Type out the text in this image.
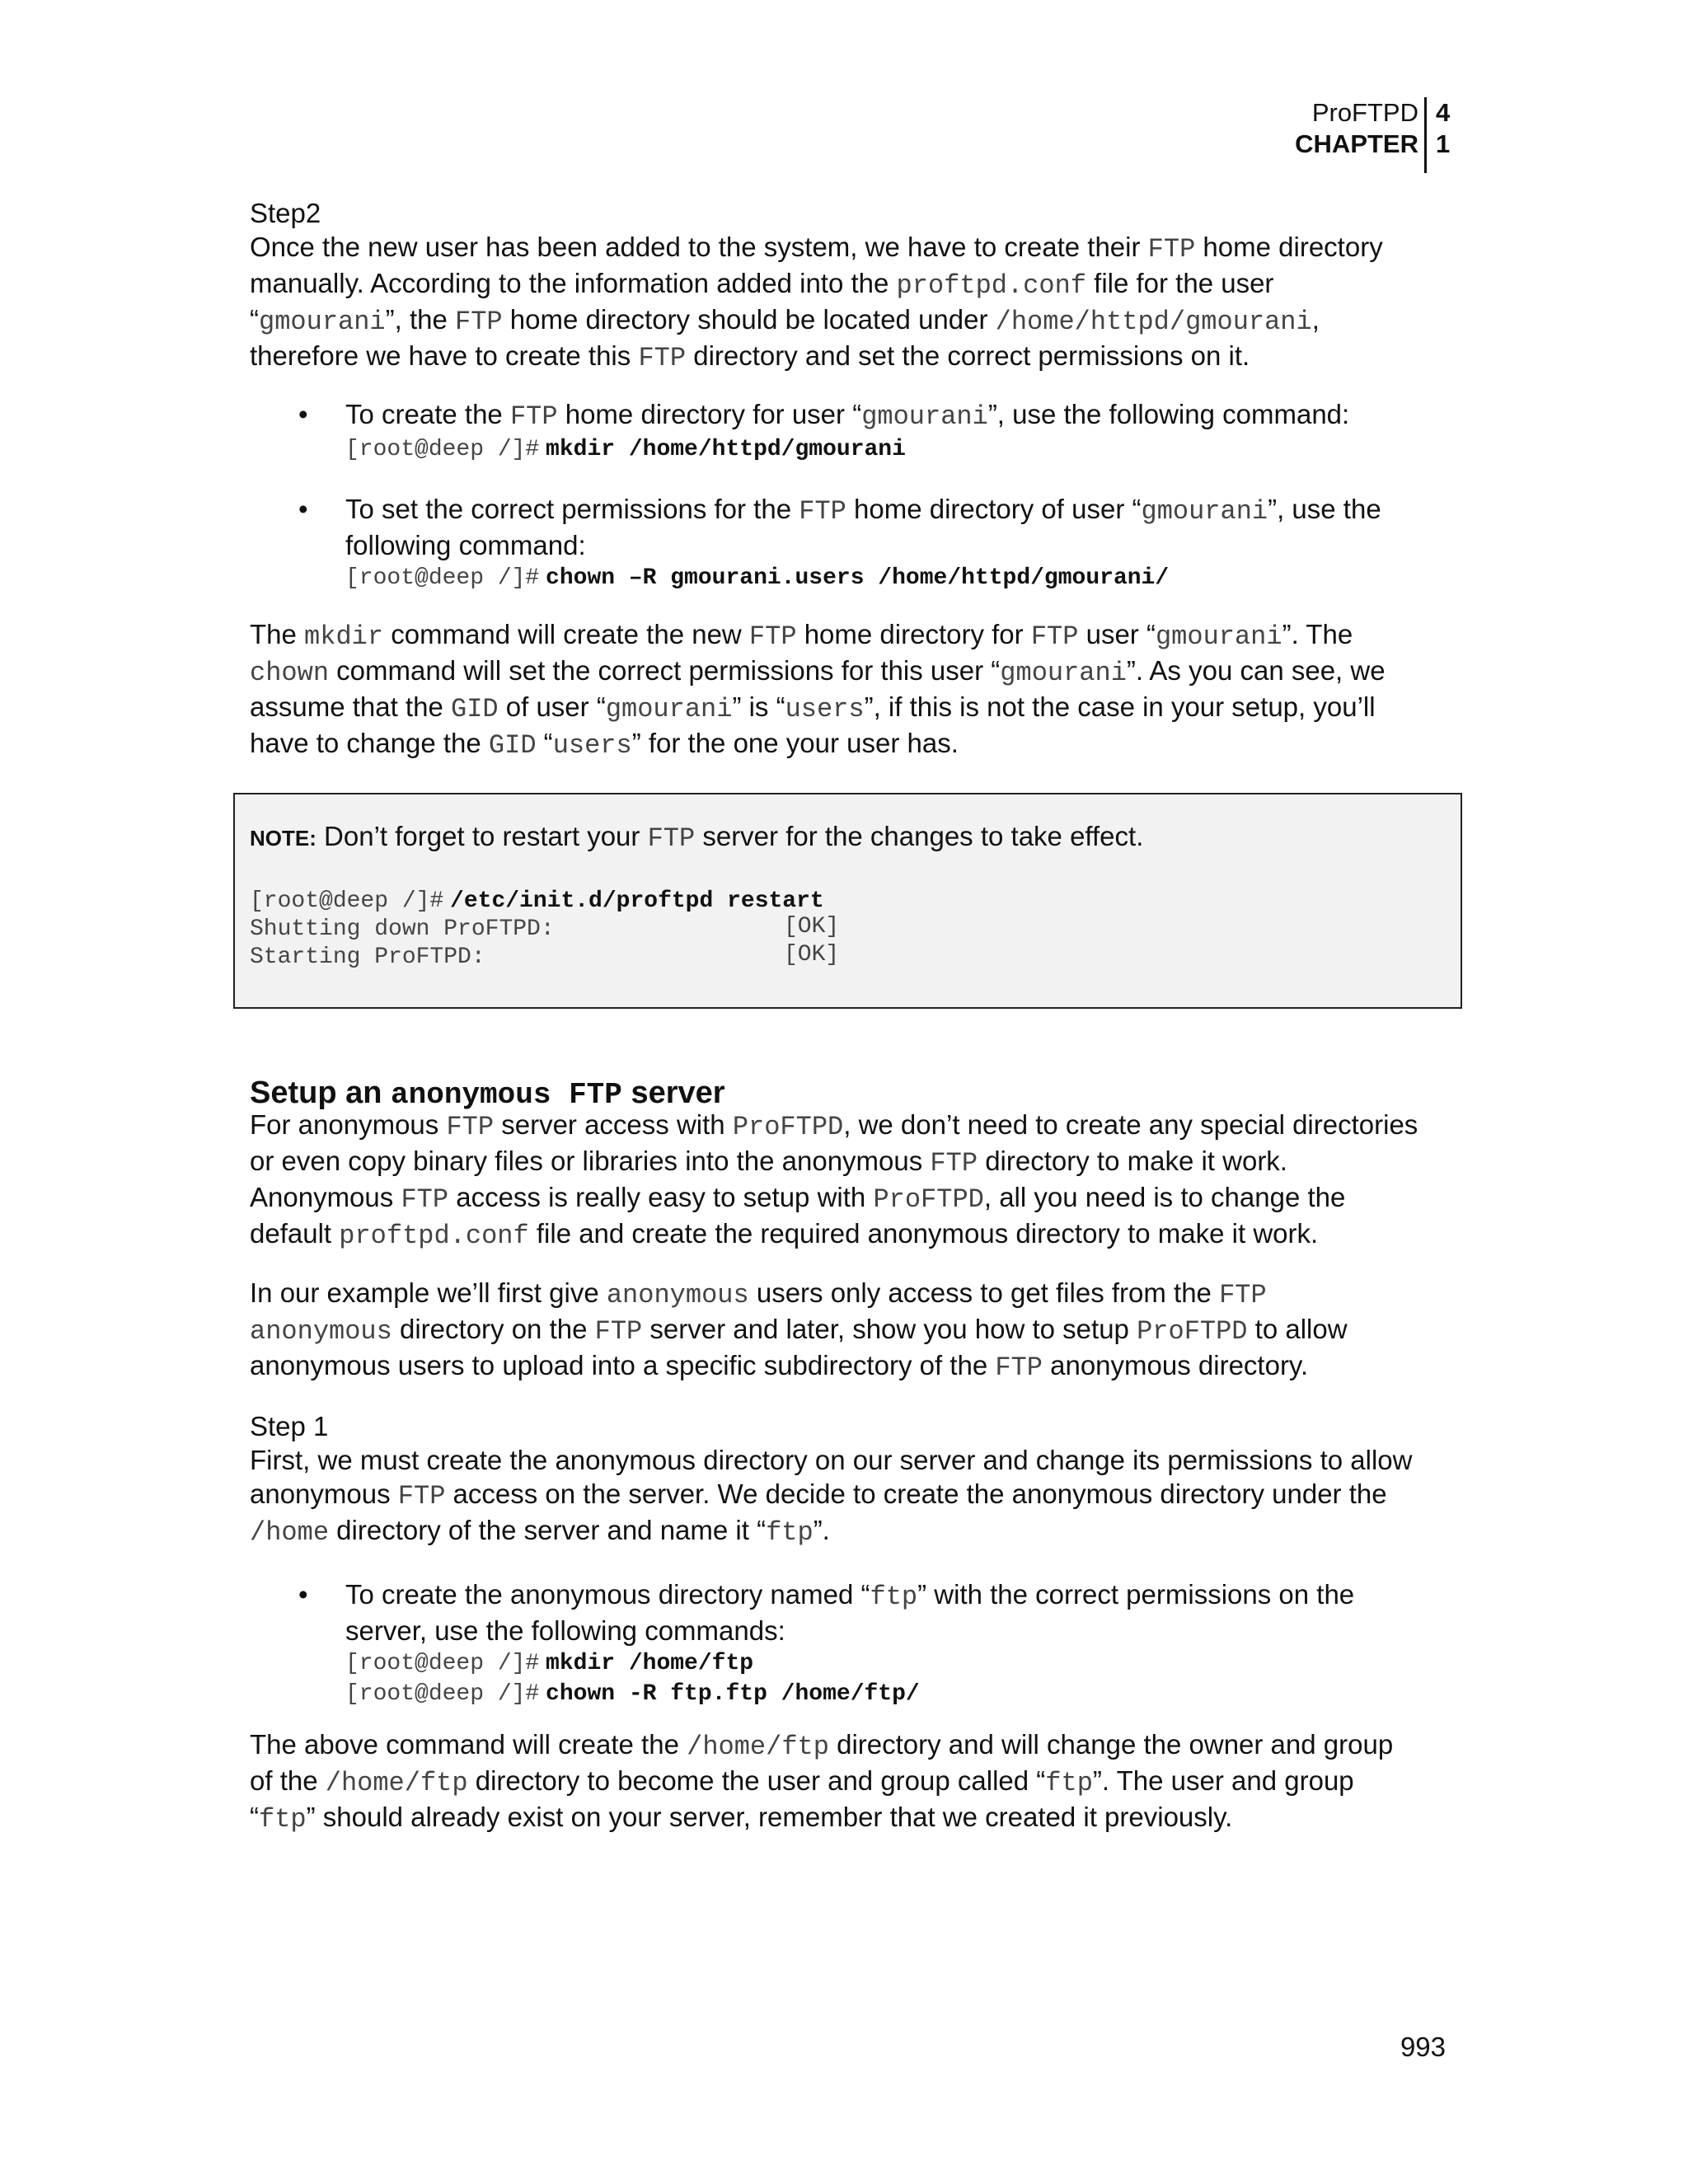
ProFTPD
CHAPTER
4
1
Step2
Once the new user has been added to the system, we have to create their FTP home directory
manually. According to the information added into the proftpd.conf file for the user
“gmourani”, the FTP home directory should be located under /home/httpd/gmourani,
therefore we have to create this FTP directory and set the correct permissions on it.
• To create the FTP home directory for user “gmourani”, use the following command:
[root@deep /]# mkdir /home/httpd/gmourani
• To set the correct permissions for the FTP home directory of user “gmourani”, use the
following command:
[root@deep /]# chown –R gmourani.users /home/httpd/gmourani/
The mkdir command will create the new FTP home directory for FTP user “gmourani”. The
chown command will set the correct permissions for this user “gmourani”. As you can see, we
assume that the GID of user “gmourani” is “users”, if this is not the case in your setup, you’ll
have to change the GID “users” for the one your user has.
NOTE: Don’t forget to restart your FTP server for the changes to take effect.
[root@deep /]# /etc/init.d/proftpd restart
Shutting down ProFTPD:	[OK]
Starting ProFTPD:	[OK]
Setup an anonymous FTP server
For anonymous FTP server access with ProFTPD, we don’t need to create any special directories
or even copy binary files or libraries into the anonymous FTP directory to make it work.
Anonymous FTP access is really easy to setup with ProFTPD, all you need is to change the
default proftpd.conf file and create the required anonymous directory to make it work.
In our example we’ll first give anonymous users only access to get files from the FTP
anonymous directory on the FTP server and later, show you how to setup ProFTPD to allow
anonymous users to upload into a specific subdirectory of the FTP anonymous directory.
Step 1
First, we must create the anonymous directory on our server and change its permissions to allow
anonymous FTP access on the server. We decide to create the anonymous directory under the
/home directory of the server and name it “ftp”.
• To create the anonymous directory named “ftp” with the correct permissions on the
server, use the following commands:
[root@deep /]# mkdir /home/ftp
[root@deep /]# chown -R ftp.ftp /home/ftp/
The above command will create the /home/ftp directory and will change the owner and group
of the /home/ftp directory to become the user and group called “ftp”. The user and group
“ftp” should already exist on your server, remember that we created it previously.
993
